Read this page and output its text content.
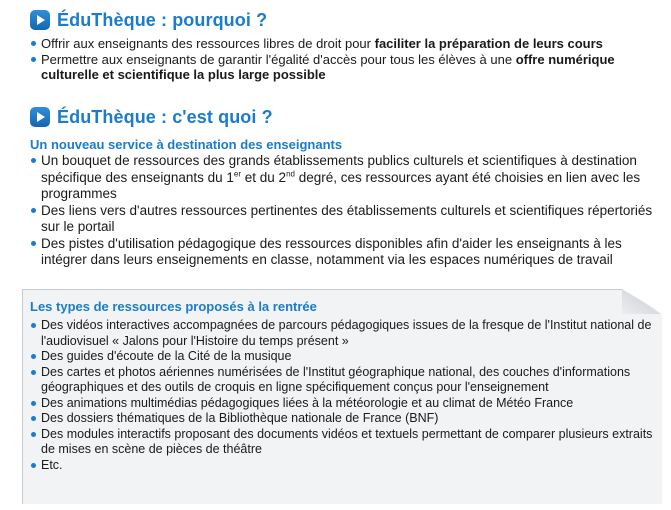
ÉduThèque : pourquoi ?
Offrir aux enseignants des ressources libres de droit pour faciliter la préparation de leurs cours
Permettre aux enseignants de garantir l'égalité d'accès pour tous les élèves à une offre numérique culturelle et scientifique la plus large possible
ÉduThèque : c'est quoi ?
Un nouveau service à destination des enseignants
Un bouquet de ressources des grands établissements publics culturels et scientifiques à destination spécifique des enseignants du 1er et du 2nd degré, ces ressources ayant été choisies en lien avec les programmes
Des liens vers d'autres ressources pertinentes des établissements culturels et scientifiques répertoriés sur le portail
Des pistes d'utilisation pédagogique des ressources disponibles afin d'aider les enseignants à les intégrer dans leurs enseignements en classe, notamment via les espaces numériques de travail
Les types de ressources proposés à la rentrée
Des vidéos interactives accompagnées de parcours pédagogiques issues de la fresque de l'Institut national de l'audiovisuel « Jalons pour l'Histoire du temps présent »
Des guides d'écoute de la Cité de la musique
Des cartes et photos aériennes numérisées de l'Institut géographique national, des couches d'informations géographiques et des outils de croquis en ligne spécifiquement conçus pour l'enseignement
Des animations multimédias pédagogiques liées à la météorologie et au climat de Météo France
Des dossiers thématiques de la Bibliothèque nationale de France (BNF)
Des modules interactifs proposant des documents vidéos et textuels permettant de comparer plusieurs extraits de mises en scène de pièces de théâtre
Etc.
